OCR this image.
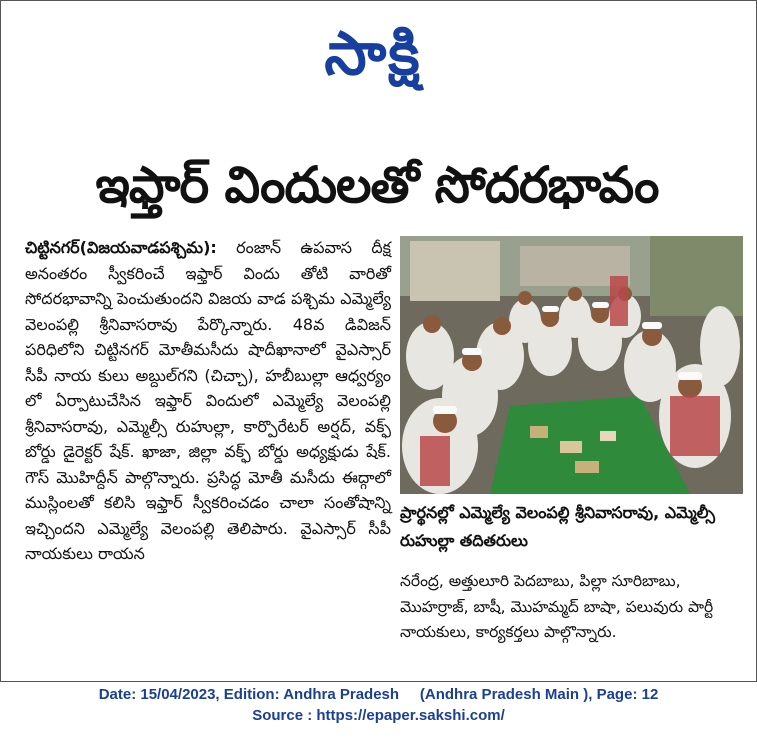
సాక్షి
ఇఫ్తార్ విందులతో సోదరభావం
చిట్టినగర్(విజయవాడపశ్చిమ): రంజాన్ ఉపవాస దీక్ష అనంతరం స్వీకరించే ఇఫ్తార్ విందు తోటి వారితో సోదరభావాన్ని పెంచుతుందని విజయ వాడ పశ్చిమ ఎమ్మెల్యే వెలంపల్లి శ్రీనివాసరావు పేర్కొన్నారు. 48వ డివిజన్ పరిధిలోని చిట్టినగర్ మోతీమసీదు షాదీఖానాలో వైఎస్సార్ సీపీ నాయ కులు అబ్దుల్‌గని (చిచ్చా), హబీబుల్లా ఆధ్వర్యం లో ఏర్పాటుచేసిన ఇఫ్తార్ విందులో ఎమ్మెల్యే వెలంపల్లి శ్రీనివాసరావు, ఎమ్మెల్సీ రుహుల్లా, కార్పొరేటర్ అర్షద్, వక్ఫ్ బోర్డు డైరెక్టర్ షేక్. ఖాజా, జిల్లా వక్ఫ్ బోర్డు అధ్యక్షుడు షేక్. గౌస్ మొహిద్దీన్ పాల్గొన్నారు. ప్రసిద్ధ మోతీ మసీదు ఈద్గాలో ముస్లింలతో కలిసి ఇఫ్తార్ స్వీకరించడం చాలా సంతోషాన్ని ఇచ్చిందని ఎమ్మెల్యే వెలంపల్లి తెలిపారు. వైఎస్సార్ సీపీ నాయకులు రాయన
ప్రార్థనల్లో ఎమ్మెల్యే వెలంపల్లి శ్రీనివాసరావు, ఎమ్మెల్సీ రుహుల్లా తదితరులు
నరేంద్ర, అత్తులూరి పెదబాబు, పిల్లా సూరిబాబు, మొహర్రాజ్, బాషీ, మొహమ్మద్ బాషా, పలువురు పార్టీ నాయకులు, కార్యకర్తలు పాల్గొన్నారు.
Date: 15/04/2023, Edition: Andhra Pradesh     (Andhra Pradesh Main ), Page: 12
Source : https://epaper.sakshi.com/
